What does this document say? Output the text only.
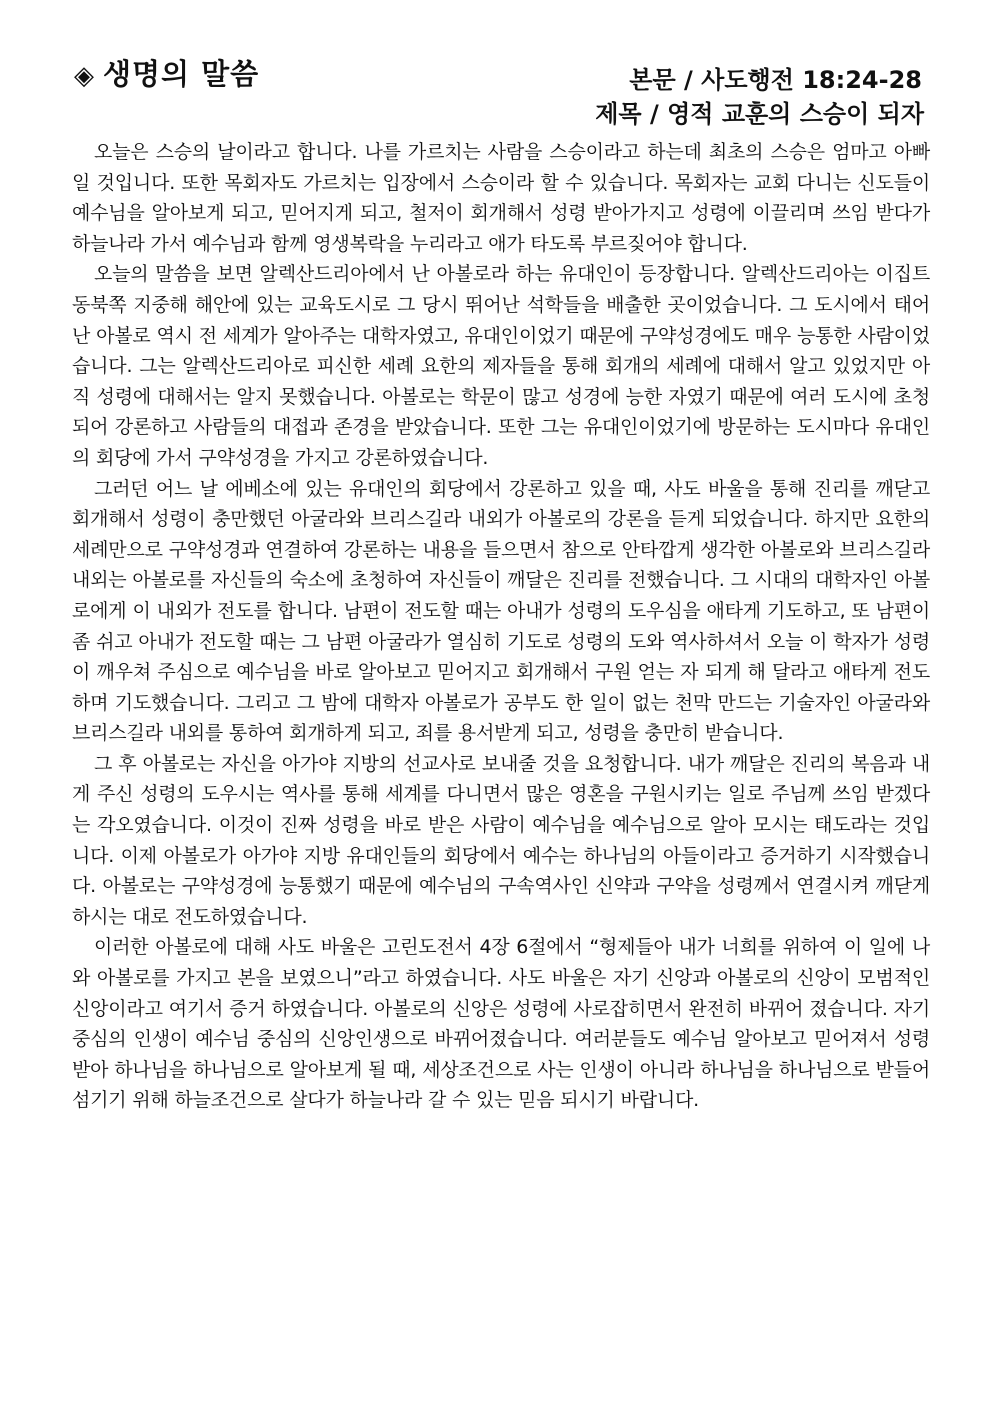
◈ 생명의 말씀	본문 / 사도행전 18:24-28
제목 / 영적 교훈의 스승이 되자

오늘은 스승의 날이라고 합니다. 나를 가르치는 사람을 스승이라고 하는데 최초의 스승은 엄마고 아빠일 것입니다. 또한 목회자도 가르치는 입장에서 스승이라 할 수 있습니다. 목회자는 교회 다니는 신도들이 예수님을 알아보게 되고, 믿어지게 되고, 철저이 회개해서 성령 받아가지고 성령에 이끌리며 쓰임 받다가 하늘나라 가서 예수님과 함께 영생복락을 누리라고 애가 타도록 부르짖어야 합니다.

오늘의 말씀을 보면 알렉산드리아에서 난 아볼로라 하는 유대인이 등장합니다. 알렉산드리아는 이집트 동북쪽 지중해 해안에 있는 교육도시로 그 당시 뛰어난 석학들을 배출한 곳이었습니다. 그 도시에서 태어난 아볼로 역시 전 세계가 알아주는 대학자였고, 유대인이었기 때문에 구약성경에도 매우 능통한 사람이었습니다. 그는 알렉산드리아로 피신한 세례 요한의 제자들을 통해 회개의 세례에 대해서 알고 있었지만 아직 성령에 대해서는 알지 못했습니다. 아볼로는 학문이 많고 성경에 능한 자였기 때문에 여러 도시에 초청되어 강론하고 사람들의 대접과 존경을 받았습니다. 또한 그는 유대인이었기에 방문하는 도시마다 유대인의 회당에 가서 구약성경을 가지고 강론하였습니다.

그러던 어느 날 에베소에 있는 유대인의 회당에서 강론하고 있을 때, 사도 바울을 통해 진리를 깨닫고 회개해서 성령이 충만했던 아굴라와 브리스길라 내외가 아볼로의 강론을 듣게 되었습니다. 하지만 요한의 세례만으로 구약성경과 연결하여 강론하는 내용을 들으면서 참으로 안타깝게 생각한 아볼로와 브리스길라 내외는 아볼로를 자신들의 숙소에 초청하여 자신들이 깨달은 진리를 전했습니다. 그 시대의 대학자인 아볼로에게 이 내외가 전도를 합니다. 남편이 전도할 때는 아내가 성령의 도우심을 애타게 기도하고, 또 남편이 좀 쉬고 아내가 전도할 때는 그 남편 아굴라가 열심히 기도로 성령의 도와 역사하셔서 오늘 이 학자가 성령이 깨우쳐 주심으로 예수님을 바로 알아보고 믿어지고 회개해서 구원 얻는 자 되게 해 달라고 애타게 전도하며 기도했습니다. 그리고 그 밤에 대학자 아볼로가 공부도 한 일이 없는 천막 만드는 기술자인 아굴라와 브리스길라 내외를 통하여 회개하게 되고, 죄를 용서받게 되고, 성령을 충만히 받습니다.

그 후 아볼로는 자신을 아가야 지방의 선교사로 보내줄 것을 요청합니다. 내가 깨달은 진리의 복음과 내게 주신 성령의 도우시는 역사를 통해 세계를 다니면서 많은 영혼을 구원시키는 일로 주님께 쓰임 받겠다는 각오였습니다. 이것이 진짜 성령을 바로 받은 사람이 예수님을 예수님으로 알아 모시는 태도라는 것입니다. 이제 아볼로가 아가야 지방 유대인들의 회당에서 예수는 하나님의 아들이라고 증거하기 시작했습니다. 아볼로는 구약성경에 능통했기 때문에 예수님의 구속역사인 신약과 구약을 성령께서 연결시켜 깨닫게 하시는 대로 전도하였습니다.

이러한 아볼로에 대해 사도 바울은 고린도전서 4장 6절에서 “형제들아 내가 너희를 위하여 이 일에 나와 아볼로를 가지고 본을 보였으니”라고 하였습니다. 사도 바울은 자기 신앙과 아볼로의 신앙이 모범적인 신앙이라고 여기서 증거 하였습니다. 아볼로의 신앙은 성령에 사로잡히면서 완전히 바뀌어 졌습니다. 자기중심의 인생이 예수님 중심의 신앙인생으로 바뀌어졌습니다. 여러분들도 예수님 알아보고 믿어져서 성령 받아 하나님을 하나님으로 알아보게 될 때, 세상조건으로 사는 인생이 아니라 하나님을 하나님으로 받들어 섬기기 위해 하늘조건으로 살다가 하늘나라 갈 수 있는 믿음 되시기 바랍니다.
